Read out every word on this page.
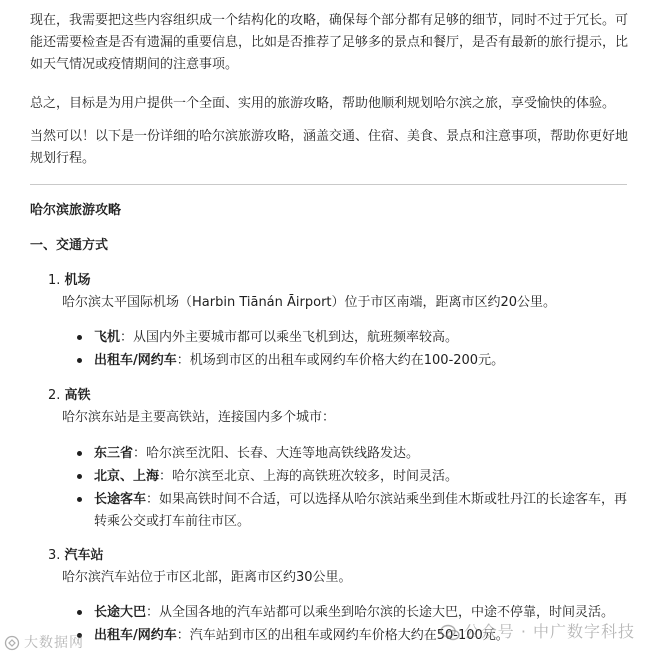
现在，我需要把这些内容组织成一个结构化的攻略，确保每个部分都有足够的细节，同时不过于冗长。可能还需要检查是否有遗漏的重要信息，比如是否推荐了足够多的景点和餐厅，是否有最新的旅行提示，比如天气情况或疫情期间的注意事项。

总之，目标是为用户提供一个全面、实用的旅游攻略，帮助他顺利规划哈尔滨之旅，享受愉快的体验。

当然可以！以下是一份详细的哈尔滨旅游攻略，涵盖交通、住宿、美食、景点和注意事项，帮助你更好地规划行程。

哈尔滨旅游攻略

一、交通方式

1. 机场

哈尔滨太平国际机场（Harbin Tiānán Āirport）位于市区南端，距离市区约20公里。

飞机：从国内外主要城市都可以乘坐飞机到达，航班频率较高。
出租车/网约车：机场到市区的出租车或网约车价格大约在100-200元。

2. 高铁

哈尔滨东站是主要高铁站，连接国内多个城市：

东三省：哈尔滨至沈阳、长春、大连等地高铁线路发达。
北京、上海：哈尔滨至北京、上海的高铁班次较多，时间灵活。
长途客车：如果高铁时间不合适，可以选择从哈尔滨站乘坐到佳木斯或牡丹江的长途客车，再转乘公交或打车前往市区。

3. 汽车站

哈尔滨汽车站位于市区北部，距离市区约30公里。

长途大巴：从全国各地的汽车站都可以乘坐到哈尔滨的长途大巴，中途不停靠，时间灵活。
出租车/网约车：汽车站到市区的出租车或网约车价格大约在50-100元。
公众号 · 中广数字科技
大数据网
